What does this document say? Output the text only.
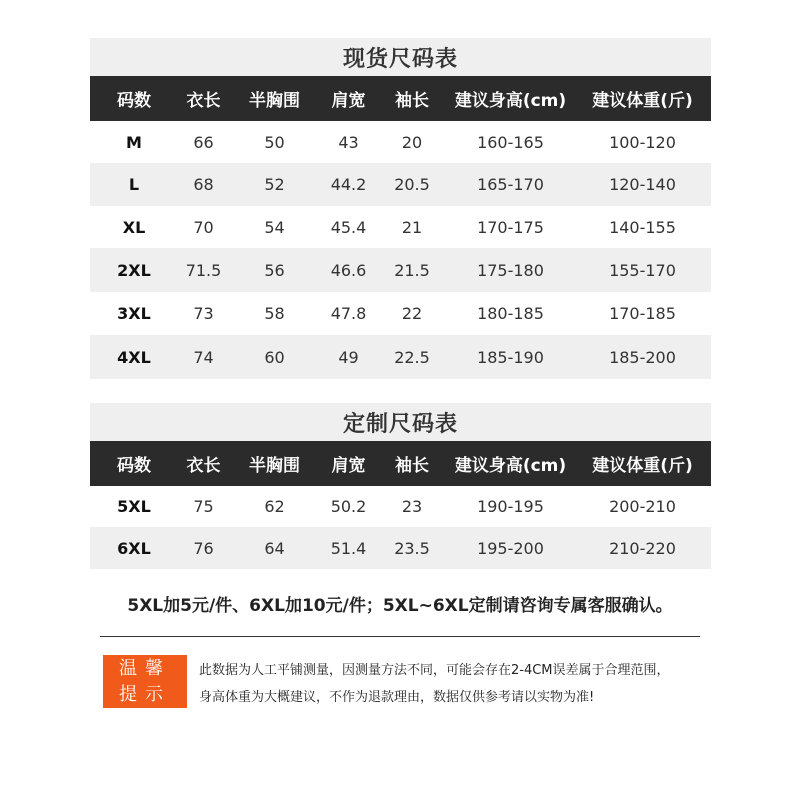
现货尺码表
码数	衣长	半胸围	肩宽	袖长	建议身高(cm)	建议体重(斤)
M	66	50	43	20	160-165	100-120
L	68	52	44.2	20.5	165-170	120-140
XL	70	54	45.4	21	170-175	140-155
2XL	71.5	56	46.6	21.5	175-180	155-170
3XL	73	58	47.8	22	180-185	170-185
4XL	74	60	49	22.5	185-190	185-200
定制尺码表
码数	衣长	半胸围	肩宽	袖长	建议身高(cm)	建议体重(斤)
5XL	75	62	50.2	23	190-195	200-210
6XL	76	64	51.4	23.5	195-200	210-220
5XL加5元/件、6XL加10元/件；5XL~6XL定制请咨询专属客服确认。
温馨
提示
此数据为人工平铺测量，因测量方法不同，可能会存在2-4CM误差属于合理范围，
身高体重为大概建议，不作为退款理由，数据仅供参考请以实物为准!
